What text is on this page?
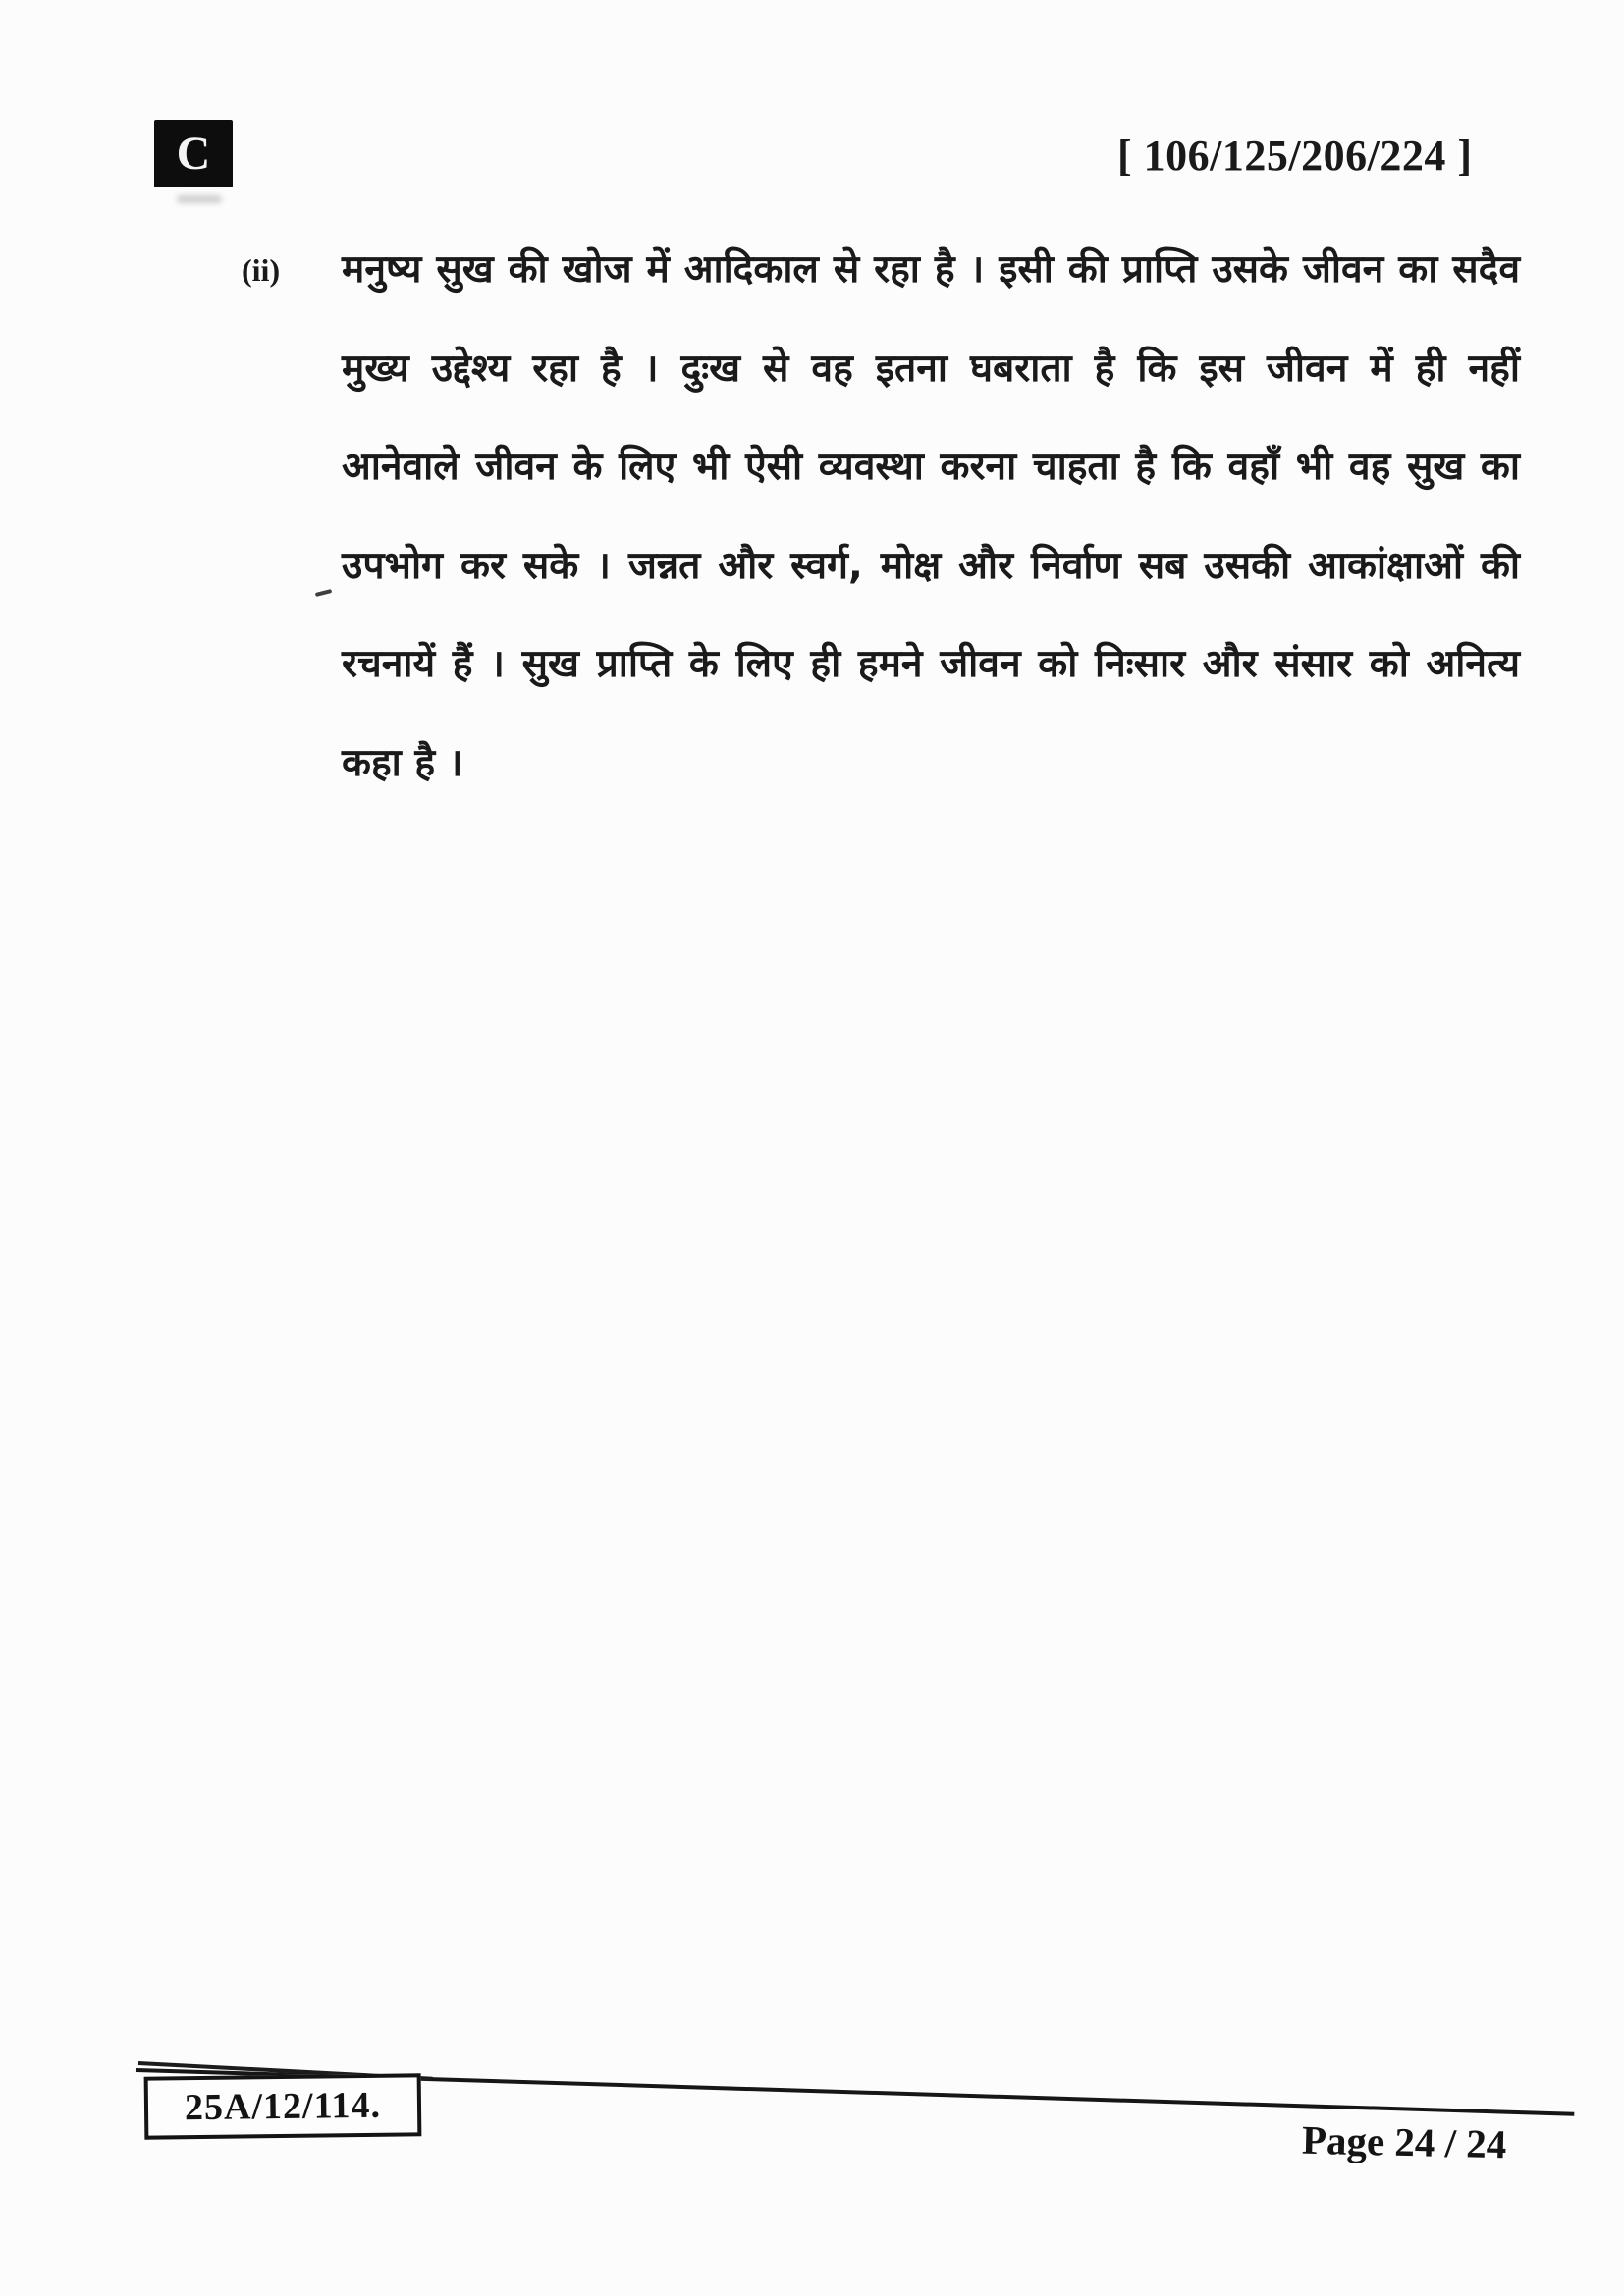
C	[ 106/125/206/224 ]
(ii) मनुष्य सुख की खोज में आदिकाल से रहा है । इसी की प्राप्ति उसके जीवन का सदैव
मुख्य उद्देश्य रहा है । दुःख से वह इतना घबराता है कि इस जीवन में ही नहीं
आनेवाले जीवन के लिए भी ऐसी व्यवस्था करना चाहता है कि वहाँ भी वह सुख का
उपभोग कर सके । जन्नत और स्वर्ग, मोक्ष और निर्वाण सब उसकी आकांक्षाओं की
रचनायें हैं । सुख प्राप्ति के लिए ही हमने जीवन को निःसार और संसार को अनित्य
कहा है ।
25A/12/114.
Page 24 / 24
